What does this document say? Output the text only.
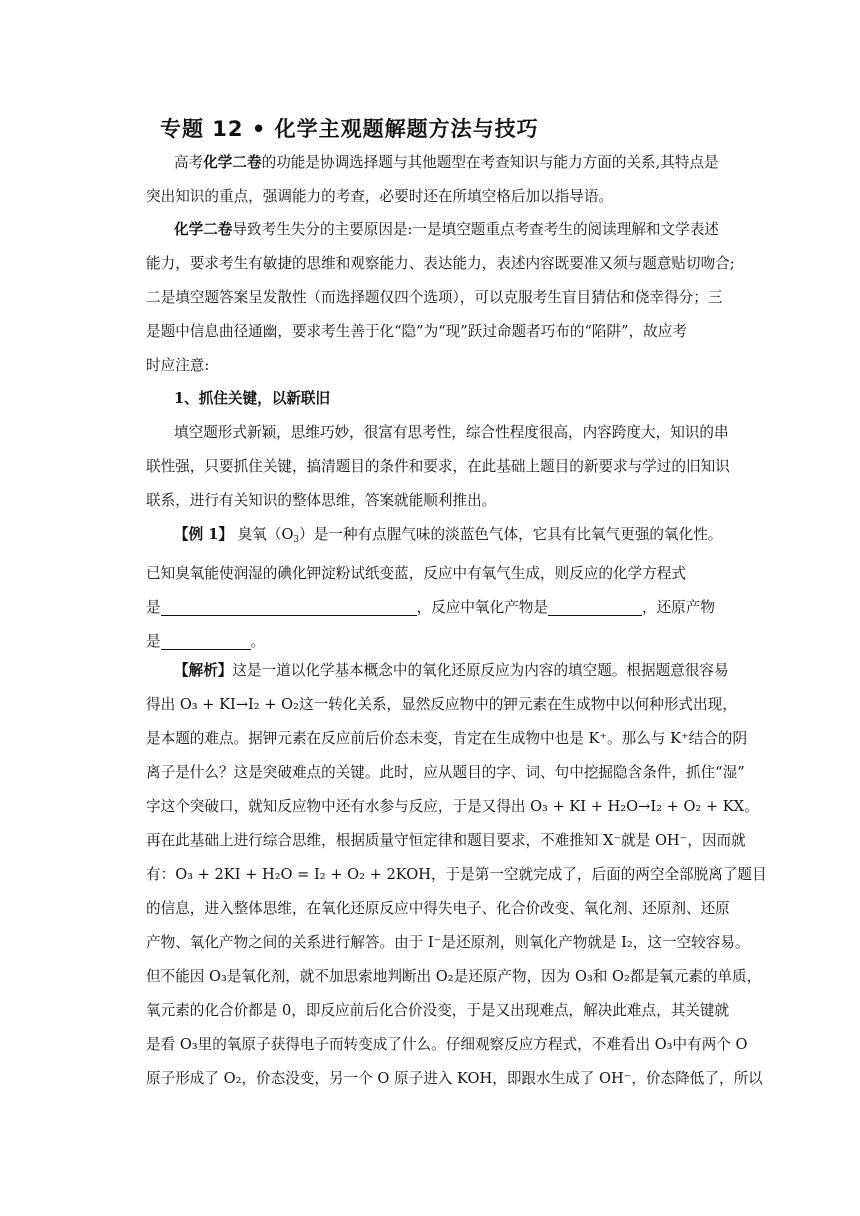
专题 12 • 化学主观题解题方法与技巧
高考化学二卷的功能是协调选择题与其他题型在考查知识与能力方面的关系,其特点是
突出知识的重点，强调能力的考查，必要时还在所填空格后加以指导语。
化学二卷导致考生失分的主要原因是:一是填空题重点考查考生的阅读理解和文学表述
能力，要求考生有敏捷的思维和观察能力、表达能力，表述内容既要准又须与题意贴切吻合;
二是填空题答案呈发散性（而选择题仅四个选项），可以克服考生盲目猜估和侥幸得分；三
是题中信息曲径通幽，要求考生善于化“隐”为“现”跃过命题者巧布的“陷阱”，故应考
时应注意:
1、抓住关键，以新联旧
填空题形式新颖，思维巧妙，很富有思考性，综合性程度很高，内容跨度大，知识的串
联性强，只要抓住关键，搞清题目的条件和要求，在此基础上题目的新要求与学过的旧知识
联系，进行有关知识的整体思维，答案就能顺利推出。
【例 1】 臭氧$(O_3)$是一种有点腥气味的淡蓝色气体，它具有比氧气更强的氧化性。
已知臭氧能使润湿的碘化钾淀粉试纸变蓝，反应中有氧气生成，则反应的化学方程式
是	，反应中氧化产物是	，还原产物
是	。
【解析】这是一道以化学基本概念中的氧化还原反应为内容的填空题。根据题意很容易
得出 O₃ + KI→I₂ + O₂这一转化关系，显然反应物中的钾元素在生成物中以何种形式出现，
是本题的难点。据钾元素在反应前后价态未变，肯定在生成物中也是 K⁺。那么与 K⁺结合的阴
离子是什么？这是突破难点的关键。此时，应从题目的字、词、句中挖掘隐含条件，抓住“湿”
字这个突破口，就知反应物中还有水参与反应，于是又得出 O₃ + KI + H₂O→I₂ + O₂ + KX。
再在此基础上进行综合思维，根据质量守恒定律和题目要求，不难推知 X⁻就是 OH⁻，因而就
有：O₃ + 2KI + H₂O = I₂ + O₂ + 2KOH，于是第一空就完成了，后面的两空全部脱离了题目
的信息，进入整体思维，在氧化还原反应中得失电子、化合价改变、氧化剂、还原剂、还原
产物、氧化产物之间的关系进行解答。由于 I⁻是还原剂，则氧化产物就是 I₂，这一空较容易。
但不能因 O₃是氧化剂，就不加思索地判断出 O₂是还原产物，因为 O₃和 O₂都是氧元素的单质，
氧元素的化合价都是 0，即反应前后化合价没变，于是又出现难点，解决此难点，其关键就
是看 O₃里的氧原子获得电子而转变成了什么。仔细观察反应方程式，不难看出 O₃中有两个 O
原子形成了 O₂，价态没变，另一个 O 原子进入 KOH，即跟水生成了 OH⁻，价态降低了，所以
